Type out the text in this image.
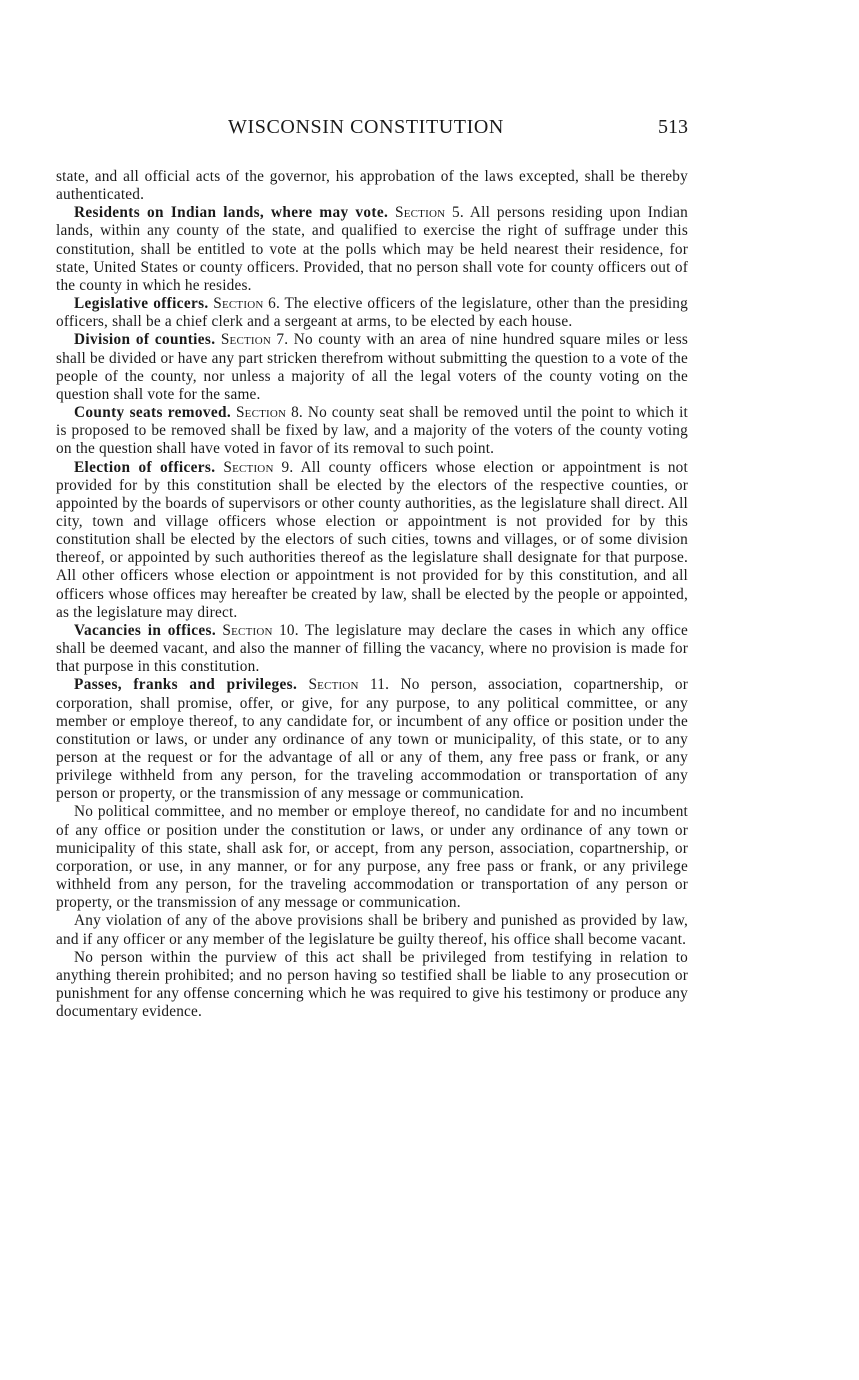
WISCONSIN CONSTITUTION	513

state, and all official acts of the governor, his approbation of the laws excepted, shall be thereby authenticated.

Residents on Indian lands, where may vote. Section 5. All persons residing upon Indian lands, within any county of the state, and qualified to exercise the right of suffrage under this constitution, shall be entitled to vote at the polls which may be held nearest their residence, for state, United States or county officers. Provided, that no person shall vote for county officers out of the county in which he resides.

Legislative officers. Section 6. The elective officers of the legislature, other than the presiding officers, shall be a chief clerk and a sergeant at arms, to be elected by each house.

Division of counties. Section 7. No county with an area of nine hundred square miles or less shall be divided or have any part stricken therefrom without submitting the question to a vote of the people of the county, nor unless a majority of all the legal voters of the county voting on the question shall vote for the same.

County seats removed. Section 8. No county seat shall be removed until the point to which it is proposed to be removed shall be fixed by law, and a majority of the voters of the county voting on the question shall have voted in favor of its removal to such point.

Election of officers. Section 9. All county officers whose election or appointment is not provided for by this constitution shall be elected by the electors of the respective counties, or appointed by the boards of supervisors or other county authorities, as the legislature shall direct. All city, town and village officers whose election or appointment is not provided for by this constitution shall be elected by the electors of such cities, towns and villages, or of some division thereof, or appointed by such authorities thereof as the legislature shall designate for that purpose. All other officers whose election or appointment is not provided for by this constitution, and all officers whose offices may hereafter be created by law, shall be elected by the people or appointed, as the legislature may direct.

Vacancies in offices. Section 10. The legislature may declare the cases in which any office shall be deemed vacant, and also the manner of filling the vacancy, where no provision is made for that purpose in this constitution.

Passes, franks and privileges. Section 11. No person, association, copartnership, or corporation, shall promise, offer, or give, for any purpose, to any political committee, or any member or employe thereof, to any candidate for, or incumbent of any office or position under the constitution or laws, or under any ordinance of any town or municipality, of this state, or to any person at the request or for the advantage of all or any of them, any free pass or frank, or any privilege withheld from any person, for the traveling accommodation or transportation of any person or property, or the transmission of any message or communication.

No political committee, and no member or employe thereof, no candidate for and no incumbent of any office or position under the constitution or laws, or under any ordinance of any town or municipality of this state, shall ask for, or accept, from any person, association, copartnership, or corporation, or use, in any manner, or for any purpose, any free pass or frank, or any privilege withheld from any person, for the traveling accommodation or transportation of any person or property, or the transmission of any message or communication.

Any violation of any of the above provisions shall be bribery and punished as provided by law, and if any officer or any member of the legislature be guilty thereof, his office shall become vacant.

No person within the purview of this act shall be privileged from testifying in relation to anything therein prohibited; and no person having so testified shall be liable to any prosecution or punishment for any offense concerning which he was required to give his testimony or produce any documentary evidence.
